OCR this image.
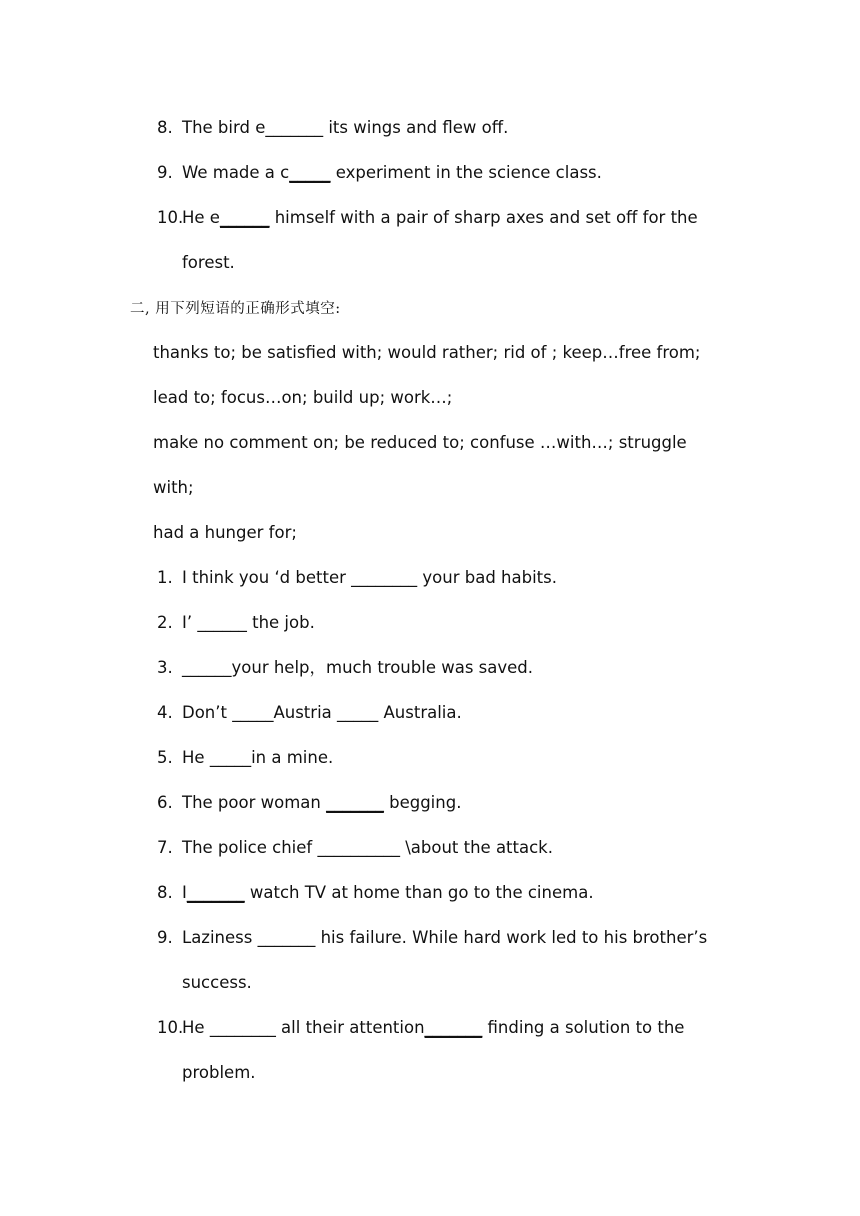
8. The bird e_______ its wings and flew off.
9. We made a c_____ experiment in the science class.
10.
He e______ himself with a pair of sharp axes and set off for the
forest.
二, 用下列短语的正确形式填空:
thanks to; be satisfied with; would rather; rid of ; keep…free from;
lead to; focus…on; build up; work…;
make no comment on; be reduced to; confuse …with…; struggle
with;
had a hunger for;
1. I think you ‘d better ________ your bad habits.
2. I’ ______ the job.
3. ______your help，much trouble was saved.
4. Don’t _____Austria _____ Australia.
5. He _____in a mine.
6. The poor woman _______ begging.
7. The police chief __________ \about the attack.
8. I_______ watch TV at home than go to the cinema.
9. Laziness _______ his failure. While hard work led to his brother’s
success.
10.
He ________ all their attention_______ finding a solution to the
problem.
